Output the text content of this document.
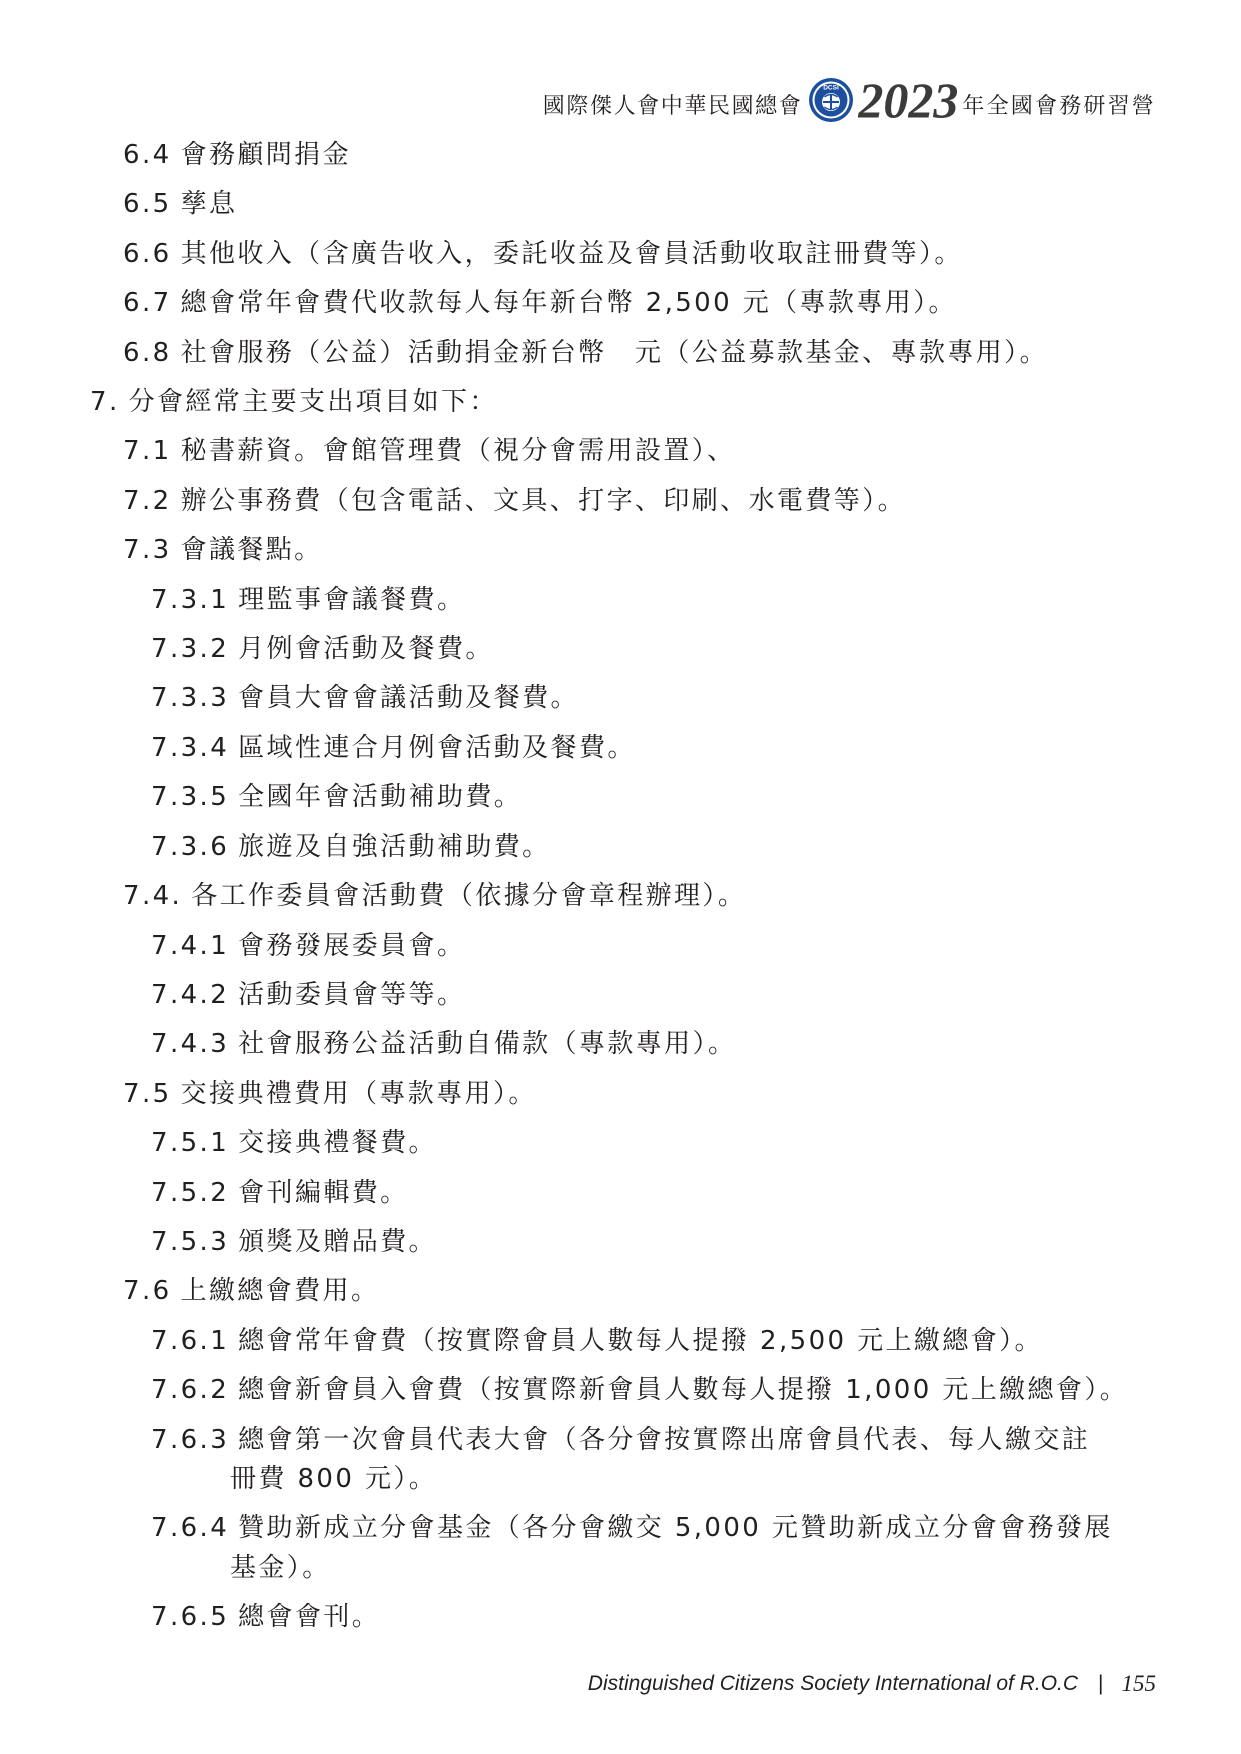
國際傑人會中華民國總會
DCSI 2023 年全國會務研習營
6.4 會務顧問捐金
6.5 孳息
6.6 其他收入（含廣告收入，委託收益及會員活動收取註冊費等）。
6.7 總會常年會費代收款每人每年新台幣 2,500 元（專款專用）。
6.8 社會服務（公益）活動捐金新台幣　元（公益募款基金、專款專用）。
7. 分會經常主要支出項目如下：
7.1 秘書薪資。會館管理費（視分會需用設置）、
7.2 辦公事務費（包含電話、文具、打字、印刷、水電費等）。
7.3 會議餐點。
7.3.1 理監事會議餐費。
7.3.2 月例會活動及餐費。
7.3.3 會員大會會議活動及餐費。
7.3.4 區域性連合月例會活動及餐費。
7.3.5 全國年會活動補助費。
7.3.6 旅遊及自強活動補助費。
7.4. 各工作委員會活動費（依據分會章程辦理）。
7.4.1 會務發展委員會。
7.4.2 活動委員會等等。
7.4.3 社會服務公益活動自備款（專款專用）。
7.5 交接典禮費用（專款專用）。
7.5.1 交接典禮餐費。
7.5.2 會刊編輯費。
7.5.3 頒獎及贈品費。
7.6 上繳總會費用。
7.6.1 總會常年會費（按實際會員人數每人提撥 2,500 元上繳總會）。
7.6.2 總會新會員入會費（按實際新會員人數每人提撥 1,000 元上繳總會）。
7.6.3 總會第一次會員代表大會（各分會按實際出席會員代表、每人繳交註
冊費 800 元）。
7.6.4 贊助新成立分會基金（各分會繳交 5,000 元贊助新成立分會會務發展
基金）。
7.6.5 總會會刊。
Distinguished Citizens Society International of R.O.C | 155
